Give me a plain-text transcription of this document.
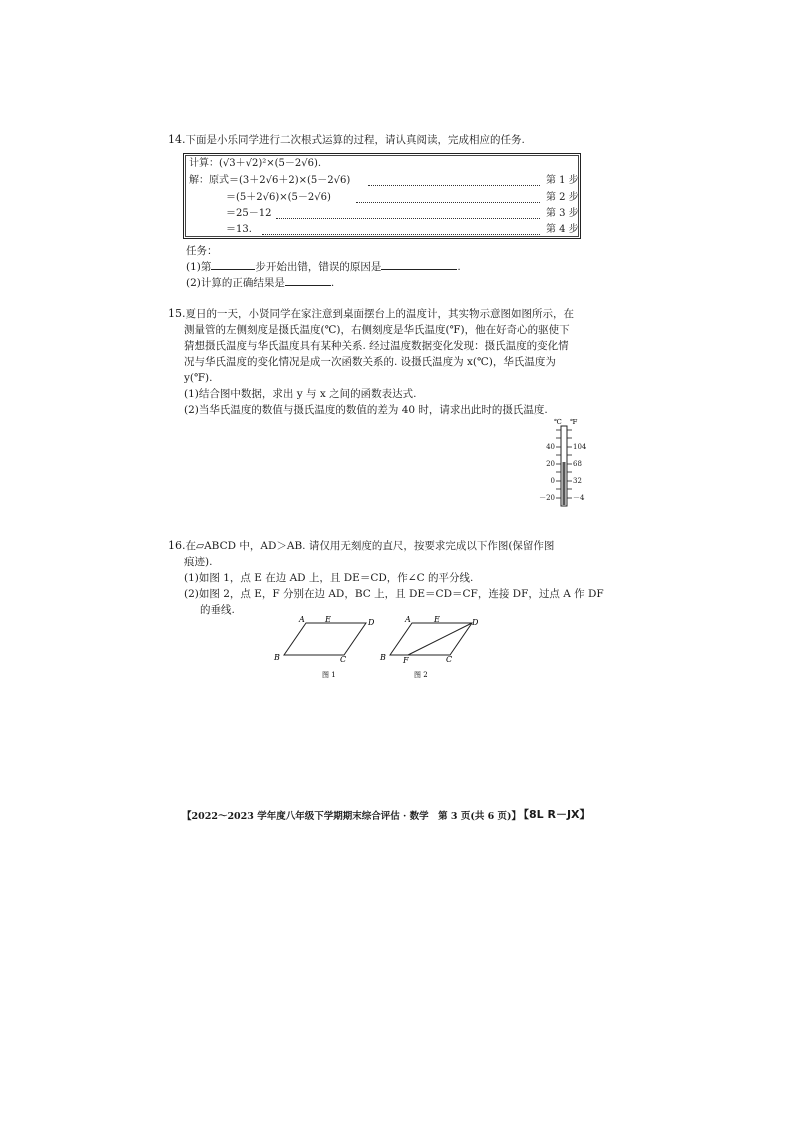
14.下面是小乐同学进行二次根式运算的过程，请认真阅读，完成相应的任务.
计算：(√3＋√2)²×(5－2√6).
解：原式＝(3＋2√6＋2)×(5－2√6)	第 1 步
＝(5＋2√6)×(5－2√6)	第 2 步
＝25－12	第 3 步
＝13.	第 4 步
任务：
(1)第	步开始出错，错误的原因是	.
(2)计算的正确结果是	.
15.夏日的一天，小贤同学在家注意到桌面摆台上的温度计，其实物示意图如图所示，在
测量管的左侧刻度是摄氏温度(℃)，右侧刻度是华氏温度(℉)，他在好奇心的驱使下
猜想摄氏温度与华氏温度具有某种关系. 经过温度数据变化发现：摄氏温度的变化情
况与华氏温度的变化情况是成一次函数关系的. 设摄氏温度为 x(℃)，华氏温度为
y(℉).
(1)结合图中数据，求出 y 与 x 之间的函数表达式.
(2)当华氏温度的数值与摄氏温度的数值的差为 40 时，请求出此时的摄氏温度.
℃ ℉
40
20
0
－20
104
68
32
－4
16.在▱ABCD 中，AD＞AB. 请仅用无刻度的直尺，按要求完成以下作图(保留作图
痕迹).
(1)如图 1，点 E 在边 AD 上，且 DE＝CD，作∠C 的平分线.
(2)如图 2，点 E，F 分别在边 AD，BC 上，且 DE＝CD＝CF，连接 DF，过点 A 作 DF
的垂线.
A	E	D
B	C
图 1
A	E	D
B F	C
图 2
【2022～2023 学年度八年级下学期期末综合评估 · 数学　第 3 页(共 6 页)】
【8L R－JX】
